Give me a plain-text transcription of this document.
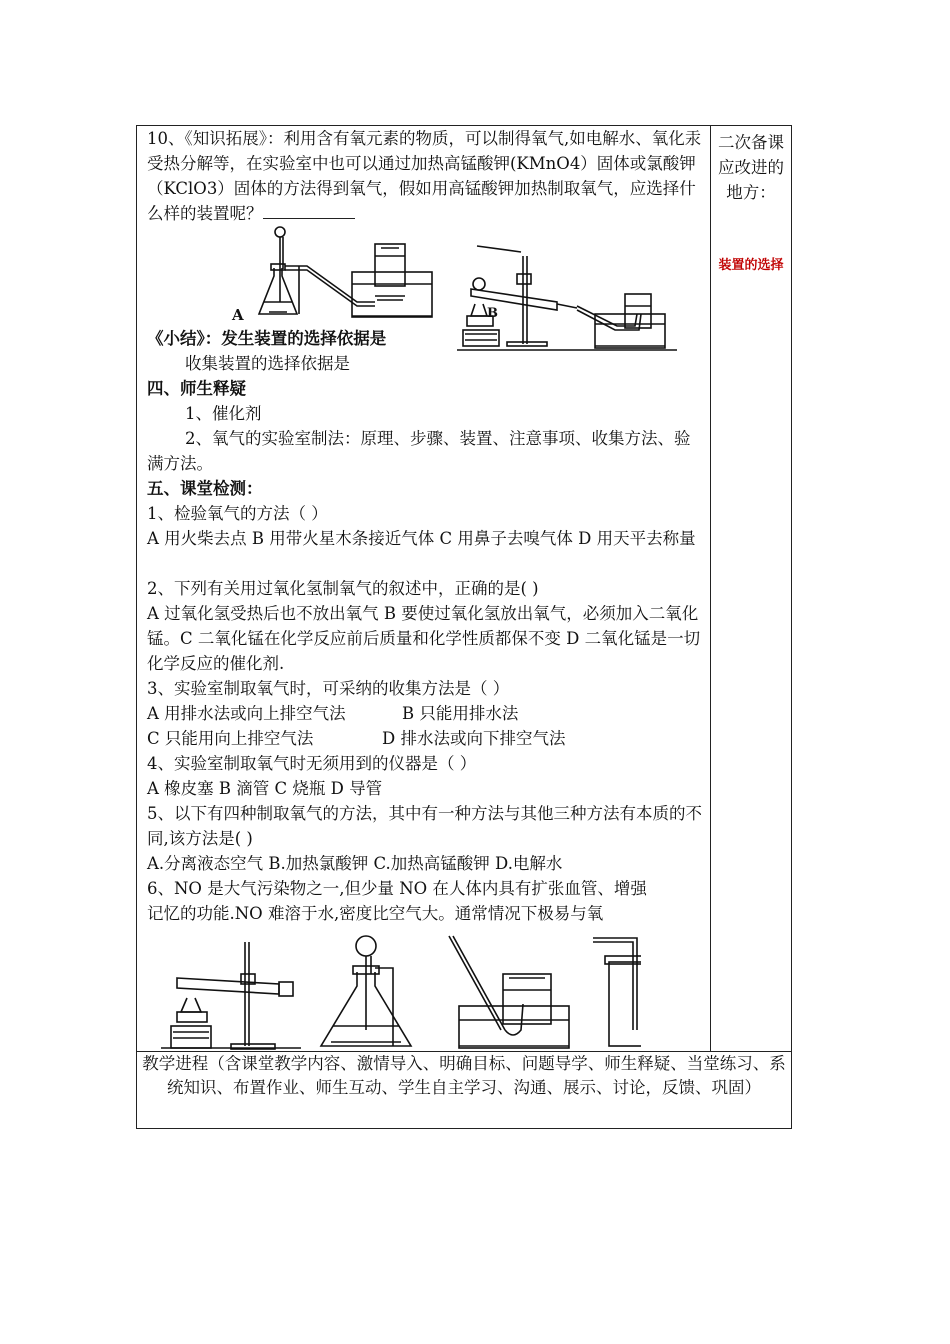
10、《知识拓展》：利用含有氧元素的物质，可以制得氧气,如电解水、氧化汞受热分解等，在实验室中也可以通过加热高锰酸钾(KMnO4）固体或氯酸钾（KClO3）固体的方法得到氧气，假如用高锰酸钾加热制取氧气，应选择什么样的装置呢？
A	B
《小结》：发生装置的选择依据是
收集装置的选择依据是
四、师生释疑
1、催化剂
2、氧气的实验室制法：原理、步骤、装置、注意事项、收集方法、验满方法。
五、课堂检测：
1、检验氧气的方法（ ）
A 用火柴去点 B 用带火星木条接近气体 C 用鼻子去嗅气体 D 用天平去称量
2、下列有关用过氧化氢制氧气的叙述中，正确的是( )
A 过氧化氢受热后也不放出氧气 B 要使过氧化氢放出氧气，必须加入二氧化锰。C 二氧化锰在化学反应前后质量和化学性质都保不变 D 二氧化锰是一切化学反应的催化剂.
3、实验室制取氧气时，可采纳的收集方法是（ ）
A 用排水法或向上排空气法	B 只能用排水法
C 只能用向上排空气法	D 排水法或向下排空气法
4、实验室制取氧气时无须用到的仪器是（ ）
A 橡皮塞 B 滴管 C 烧瓶 D 导管
5、以下有四种制取氧气的方法，其中有一种方法与其他三种方法有本质的不同,该方法是( )
A.分离液态空气 B.加热氯酸钾 C.加热高锰酸钾 D.电解水
6、NO 是大气污染物之一,但少量 NO 在人体内具有扩张血管、增强
记忆的功能.NO 难溶于水,密度比空气大。通常情况下极易与氧

二次备课应改进的地方：
装置的选择

教学进程（含课堂教学内容、激情导入、明确目标、问题导学、师生释疑、当堂练习、系统知识、布置作业、师生互动、学生自主学习、沟通、展示、讨论，反馈、巩固）
